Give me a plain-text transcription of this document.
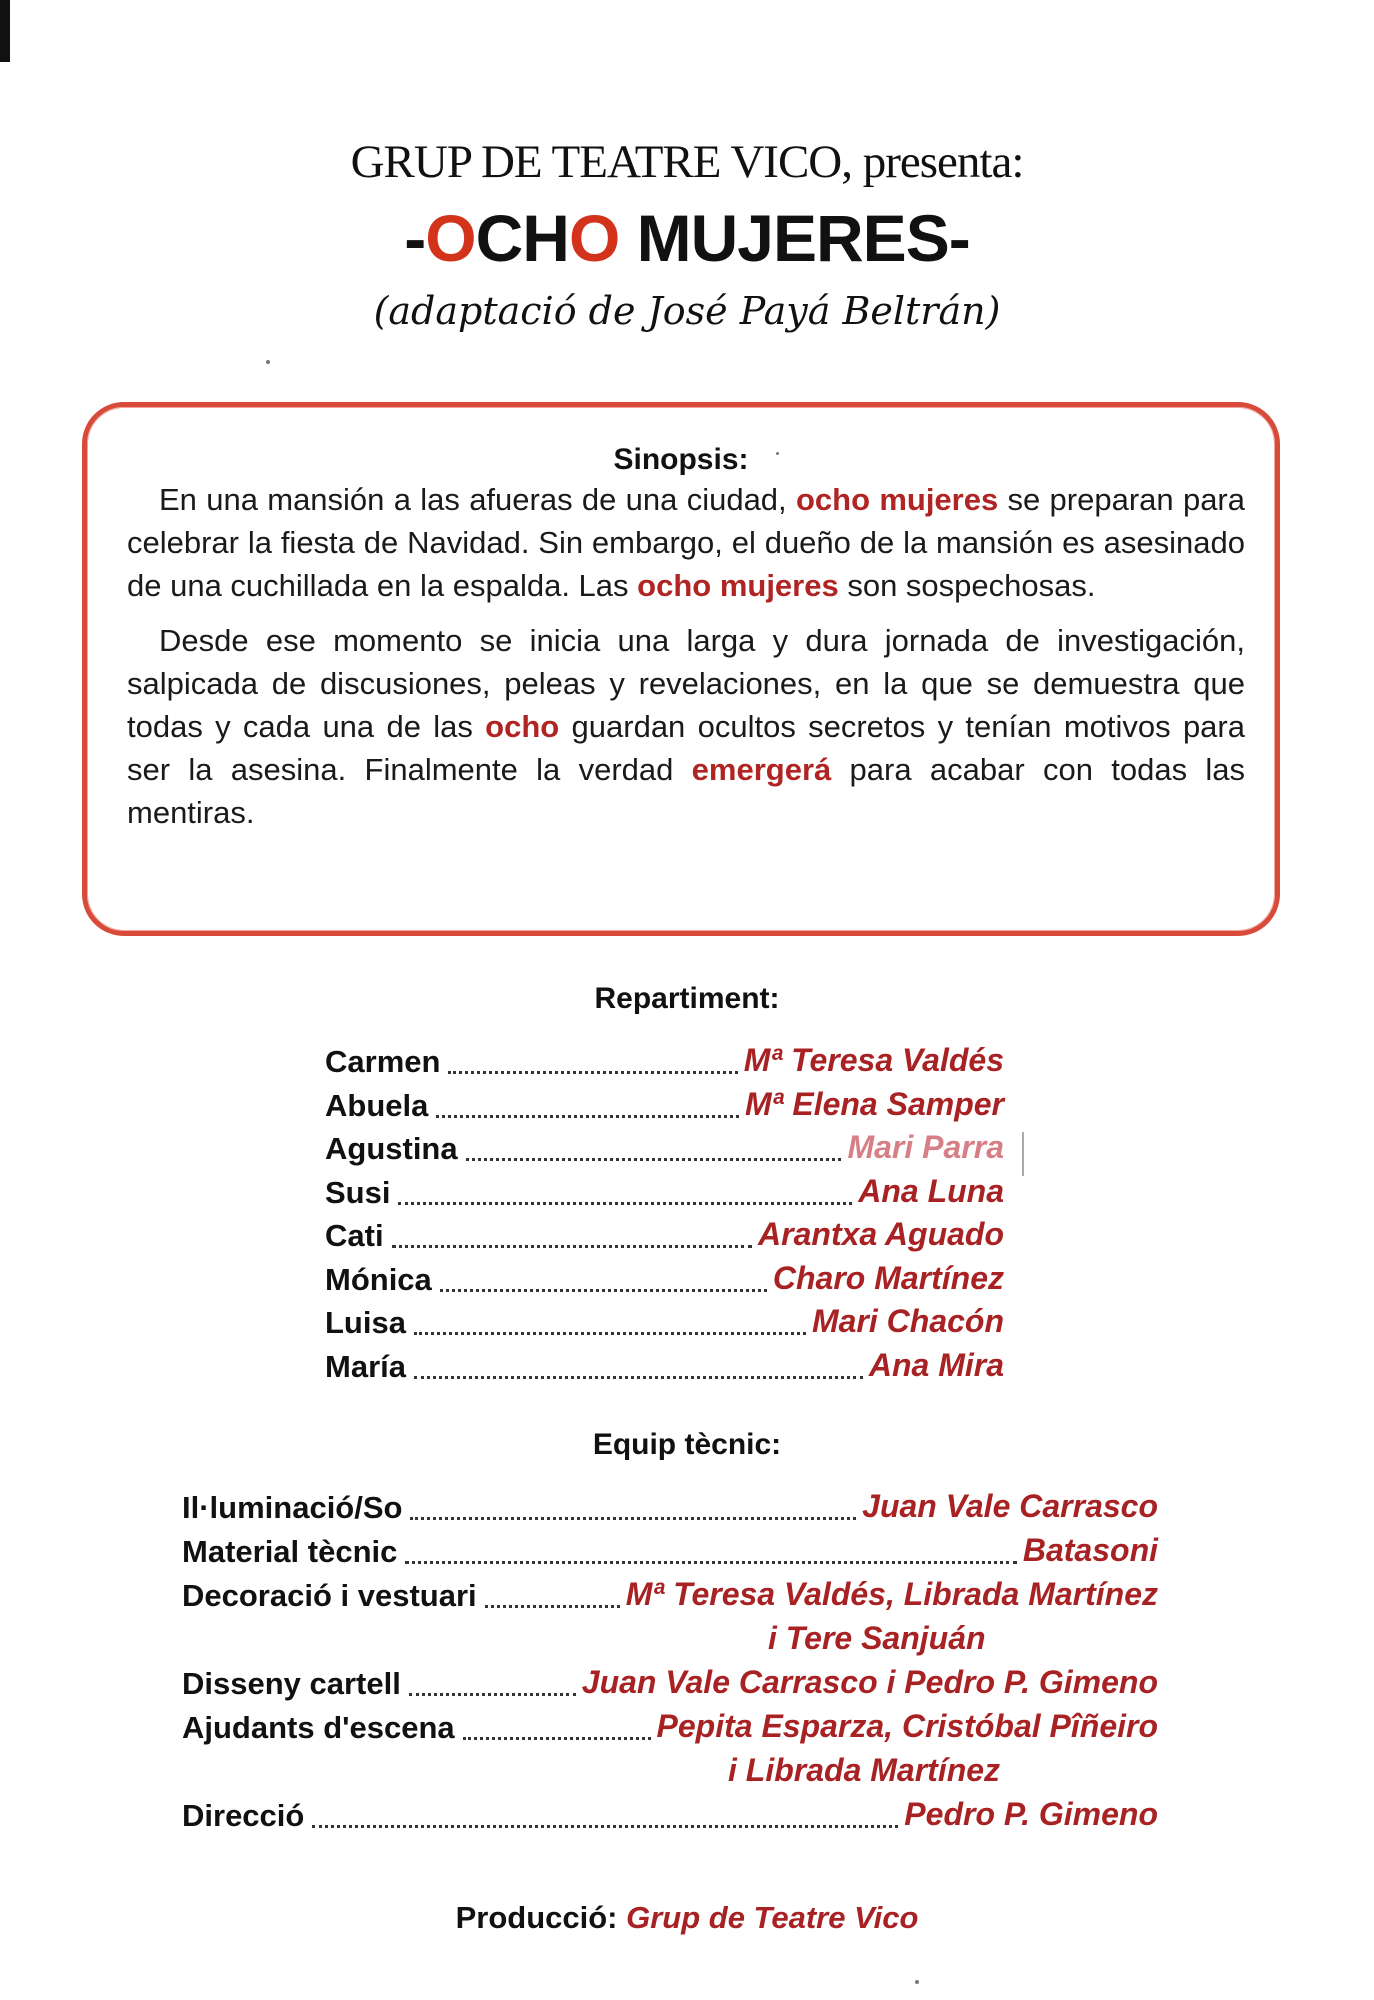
GRUP DE TEATRE VICO, presenta:
-OCHO MUJERES-
(adaptació de José Payá Beltrán)
Sinopsis:

En una mansión a las afueras de una ciudad, ocho mujeres se preparan para celebrar la fiesta de Navidad. Sin embargo, el dueño de la mansión es asesinado de una cuchillada en la espalda. Las ocho mujeres son sospechosas.

Desde ese momento se inicia una larga y dura jornada de investigación, salpicada de discusiones, peleas y revelaciones, en la que se demuestra que todas y cada una de las ocho guardan ocultos secretos y tenían motivos para ser la asesina. Finalmente la verdad emergerá para acabar con todas las mentiras.

Repartiment:
Carmen	Mª Teresa Valdés
Abuela	Mª Elena Samper
Agustina	Mari Parra
Susi	Ana Luna
Cati	Arantxa Aguado
Mónica	Charo Martínez
Luisa	Mari Chacón
María	Ana Mira
Equip tècnic:
Il·luminació/So	Juan Vale Carrasco
Material tècnic	Batasoni
Decoració i vestuari	Mª Teresa Valdés, Librada Martínez
i Tere Sanjuán
Disseny cartell	Juan Vale Carrasco i Pedro P. Gimeno
Ajudants d'escena	Pepita Esparza, Cristóbal Pîñeiro
i Librada Martínez
Direcció	Pedro P. Gimeno
Producció: Grup de Teatre Vico
